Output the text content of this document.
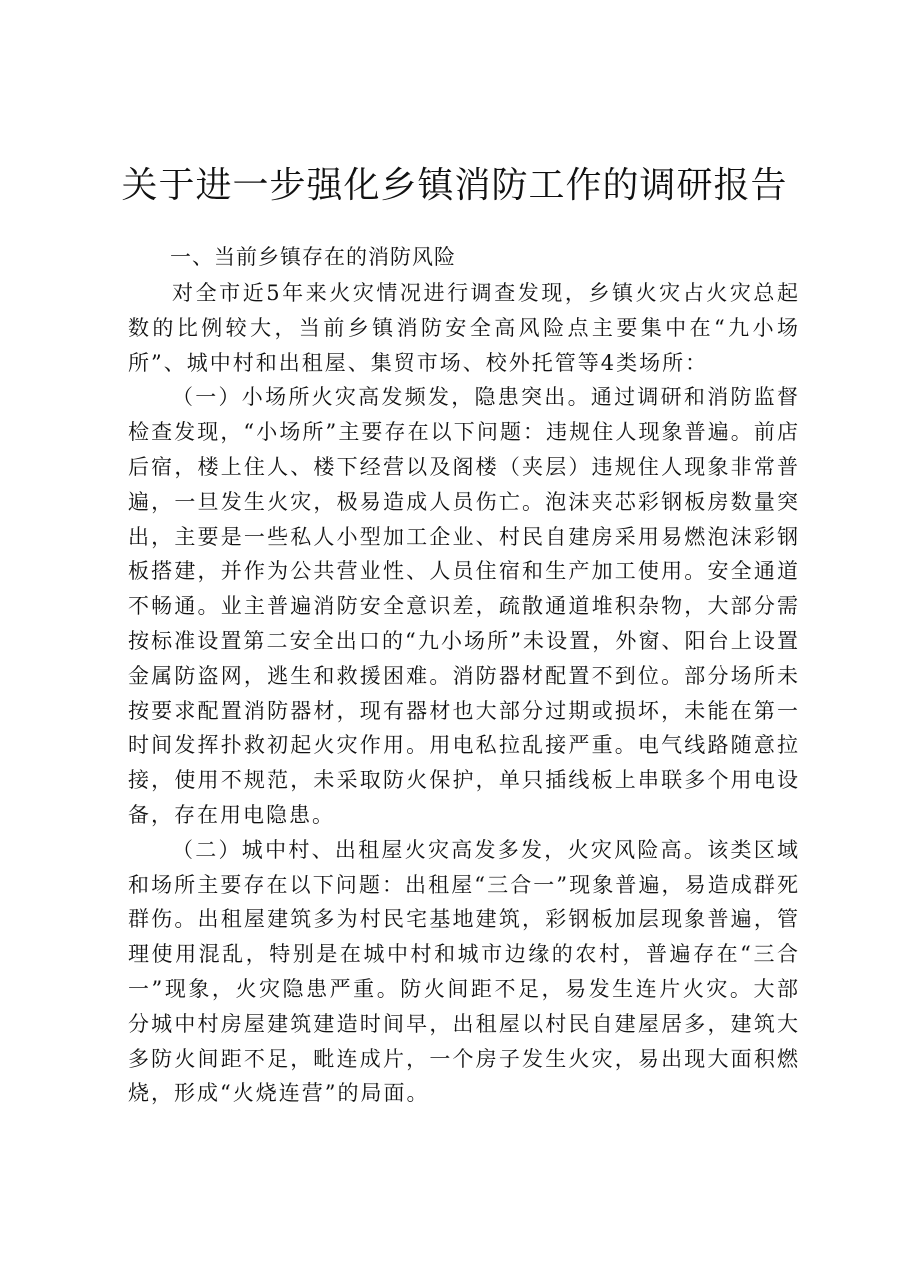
关于进一步强化乡镇消防工作的调研报告
一、当前乡镇存在的消防风险

对全市近5年来火灾情况进行调查发现，乡镇火灾占火灾总起数的比例较大，当前乡镇消防安全高风险点主要集中在“九小场所”、城中村和出租屋、集贸市场、校外托管等4类场所：

（一）小场所火灾高发频发，隐患突出。通过调研和消防监督检查发现，“小场所”主要存在以下问题：违规住人现象普遍。前店后宿，楼上住人、楼下经营以及阁楼（夹层）违规住人现象非常普遍，一旦发生火灾，极易造成人员伤亡。泡沫夹芯彩钢板房数量突出，主要是一些私人小型加工企业、村民自建房采用易燃泡沫彩钢板搭建，并作为公共营业性、人员住宿和生产加工使用。安全通道不畅通。业主普遍消防安全意识差，疏散通道堆积杂物，大部分需按标准设置第二安全出口的“九小场所”未设置，外窗、阳台上设置金属防盗网，逃生和救援困难。消防器材配置不到位。部分场所未按要求配置消防器材，现有器材也大部分过期或损坏，未能在第一时间发挥扑救初起火灾作用。用电私拉乱接严重。电气线路随意拉接，使用不规范，未采取防火保护，单只插线板上串联多个用电设备，存在用电隐患。

（二）城中村、出租屋火灾高发多发，火灾风险高。该类区域和场所主要存在以下问题：出租屋“三合一”现象普遍，易造成群死群伤。出租屋建筑多为村民宅基地建筑，彩钢板加层现象普遍，管理使用混乱，特别是在城中村和城市边缘的农村，普遍存在“三合一”现象，火灾隐患严重。防火间距不足，易发生连片火灾。大部分城中村房屋建筑建造时间早，出租屋以村民自建屋居多，建筑大多防火间距不足，毗连成片，一个房子发生火灾，易出现大面积燃烧，形成“火烧连营”的局面。
